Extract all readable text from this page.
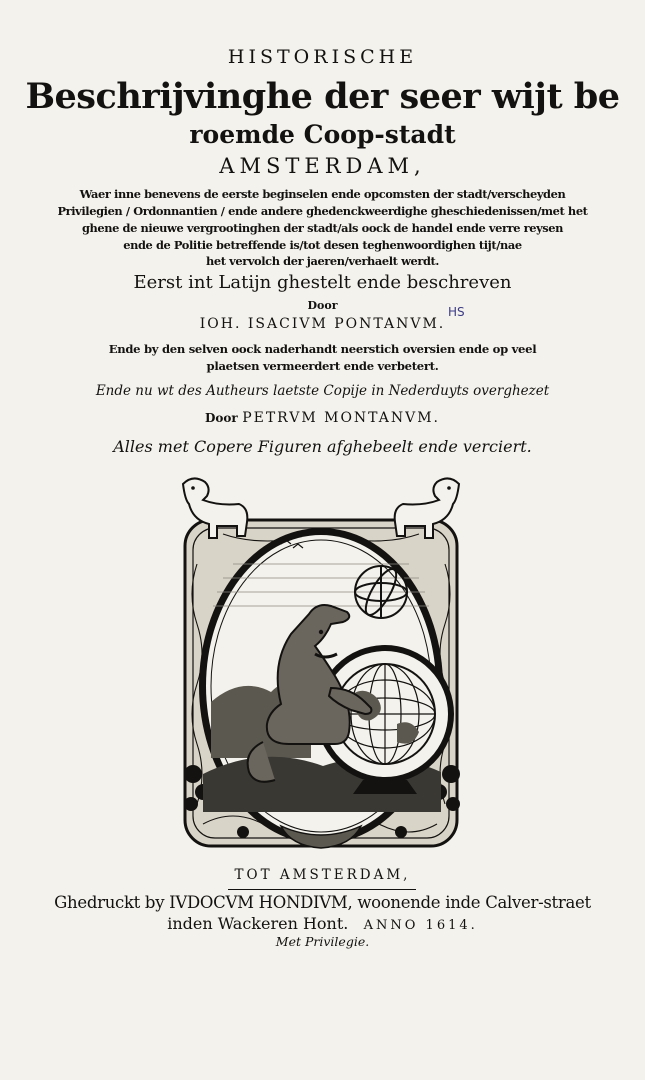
HISTORISCHE
Beschrijvinghe der seer wijt be
roemde Coop-stadt
AMSTERDAM,
Waer inne benevens de eerste beginselen ende opcomsten der stadt/verscheyden
Privilegien / Ordonnantien / ende andere ghedenckweerdighe gheschiedenissen/met het
ghene de nieuwe vergrootinghen der stadt/als oock de handel ende verre reysen
ende de Politie betreffende is/tot desen teghenwoordighen tijt/nae
het vervolch der jaeren/verhaelt werdt.
Eerst int Latijn ghestelt ende beschreven
Door
IOH. ISACIVM PONTANVM.
HS
Ende by den selven oock naderhandt neerstich oversien ende op veel
plaetsen vermeerdert ende verbetert.
Ende nu wt des Autheurs laetste Copije in Nederduyts overghezet
Door PETRVM MONTANVM.
Alles met Copere Figuren afghebeelt ende verciert.
TOT AMSTERDAM,
Ghedruckt by IVDOCVM HONDIVM, woonende inde Calver-straet
inden Wackeren Hont. ANNO 1614.
Met Privilegie.
